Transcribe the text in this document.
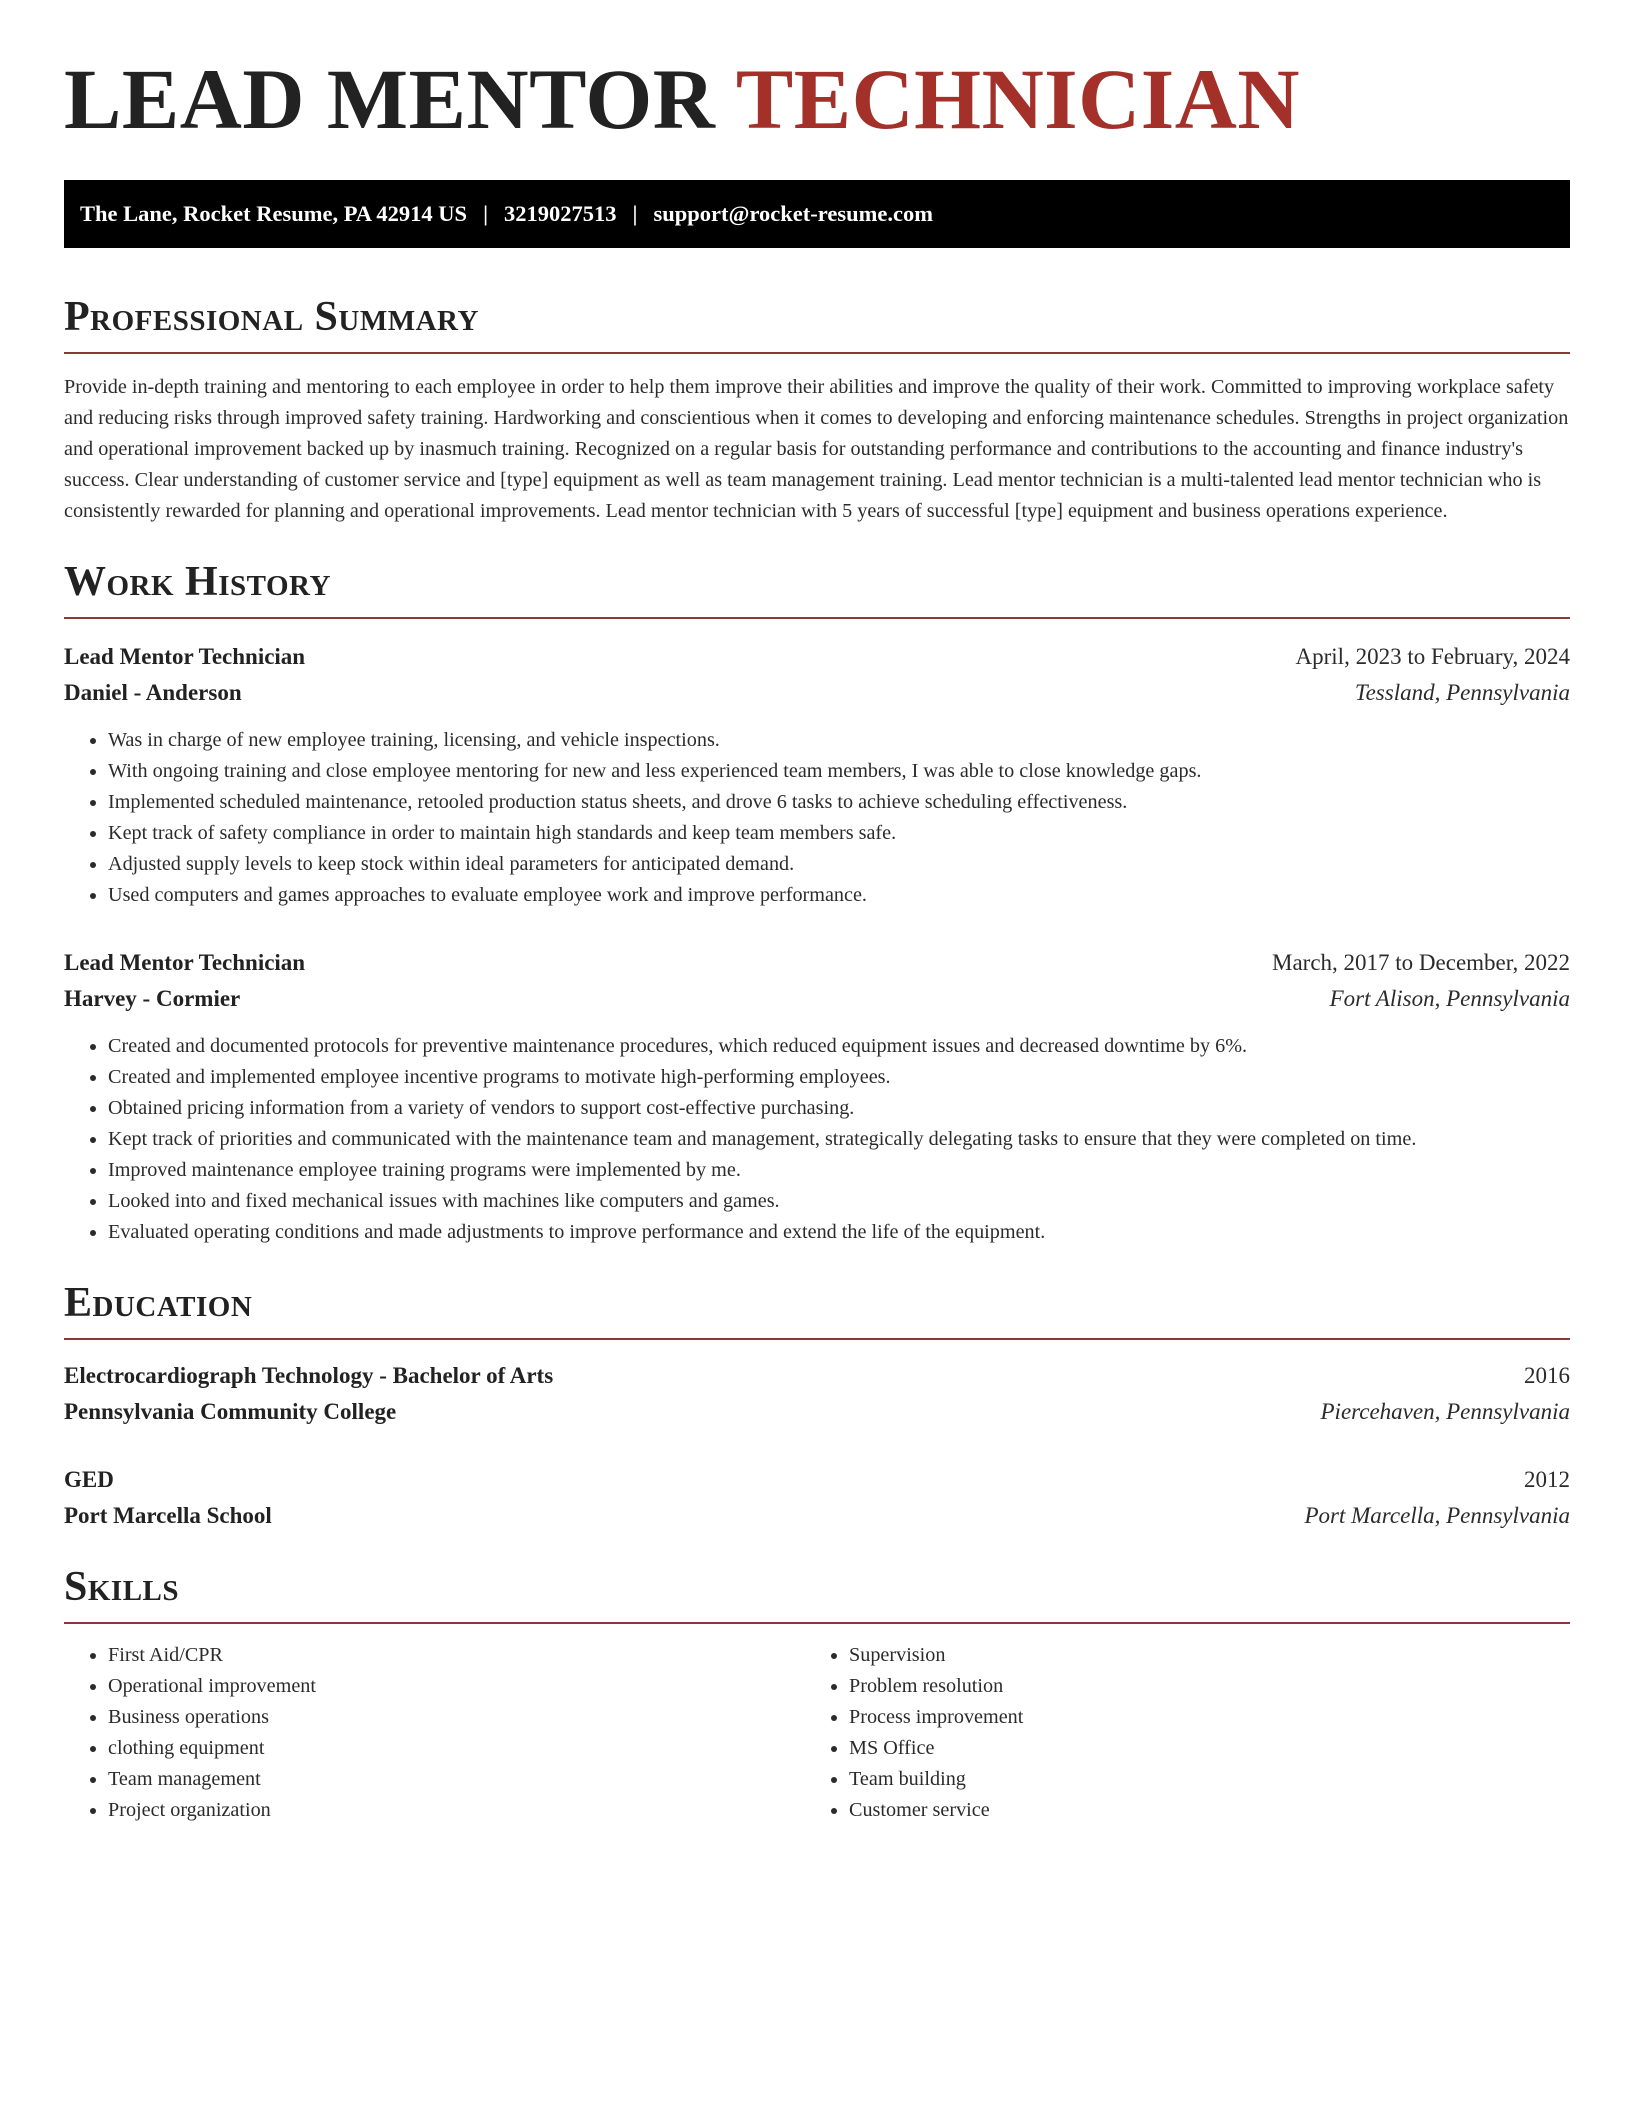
LEAD MENTOR TECHNICIAN
The Lane, Rocket Resume, PA 42914 US | 3219027513 | support@rocket-resume.com
Professional Summary

Provide in-depth training and mentoring to each employee in order to help them improve their abilities and improve the quality of their work. Committed to improving workplace safety and reducing risks through improved safety training. Hardworking and conscientious when it comes to developing and enforcing maintenance schedules. Strengths in project organization and operational improvement backed up by inasmuch training. Recognized on a regular basis for outstanding performance and contributions to the accounting and finance industry's success. Clear understanding of customer service and [type] equipment as well as team management training. Lead mentor technician is a multi-talented lead mentor technician who is consistently rewarded for planning and operational improvements. Lead mentor technician with 5 years of successful [type] equipment and business operations experience.

Work History
Lead Mentor Technician	April, 2023 to February, 2024
Daniel - Anderson	Tessland, Pennsylvania
• Was in charge of new employee training, licensing, and vehicle inspections.
• With ongoing training and close employee mentoring for new and less experienced team members, I was able to close knowledge gaps.
• Implemented scheduled maintenance, retooled production status sheets, and drove 6 tasks to achieve scheduling effectiveness.
• Kept track of safety compliance in order to maintain high standards and keep team members safe.
• Adjusted supply levels to keep stock within ideal parameters for anticipated demand.
• Used computers and games approaches to evaluate employee work and improve performance.
Lead Mentor Technician	March, 2017 to December, 2022
Harvey - Cormier	Fort Alison, Pennsylvania
• Created and documented protocols for preventive maintenance procedures, which reduced equipment issues and decreased downtime by 6%.
• Created and implemented employee incentive programs to motivate high-performing employees.
• Obtained pricing information from a variety of vendors to support cost-effective purchasing.
• Kept track of priorities and communicated with the maintenance team and management, strategically delegating tasks to ensure that they were completed on time.
• Improved maintenance employee training programs were implemented by me.
• Looked into and fixed mechanical issues with machines like computers and games.
• Evaluated operating conditions and made adjustments to improve performance and extend the life of the equipment.
Education
Electrocardiograph Technology - Bachelor of Arts	2016
Pennsylvania Community College	Piercehaven, Pennsylvania
GED	2012
Port Marcella School	Port Marcella, Pennsylvania
Skills
• First Aid/CPR
• Operational improvement
• Business operations
• clothing equipment
• Team management
• Project organization
• Supervision
• Problem resolution
• Process improvement
• MS Office
• Team building
• Customer service
